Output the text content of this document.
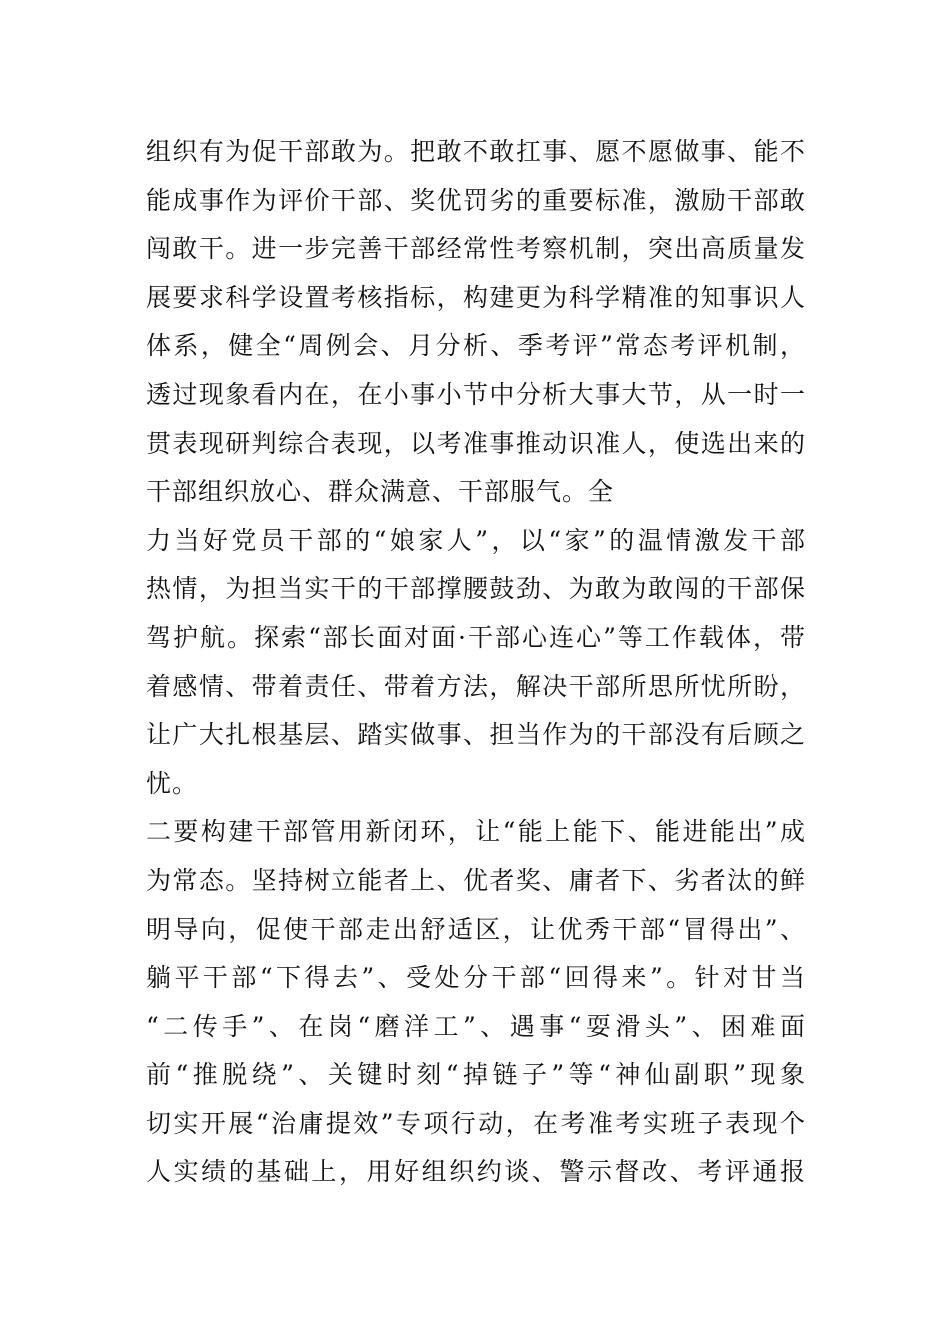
组织有为促干部敢为。把敢不敢扛事、愿不愿做事、能不
能成事作为评价干部、奖优罚劣的重要标准，激励干部敢
闯敢干。进一步完善干部经常性考察机制，突出高质量发
展要求科学设置考核指标，构建更为科学精准的知事识人
体系，健全“周例会、月分析、季考评”常态考评机制，
透过现象看内在，在小事小节中分析大事大节，从一时一
贯表现研判综合表现，以考准事推动识准人，使选出来的
干部组织放心、群众满意、干部服气。全
力当好党员干部的“娘家人”，以“家”的温情激发干部
热情，为担当实干的干部撑腰鼓劲、为敢为敢闯的干部保
驾护航。探索“部长面对面·干部心连心”等工作载体，带
着感情、带着责任、带着方法，解决干部所思所忧所盼，
让广大扎根基层、踏实做事、担当作为的干部没有后顾之
忧。
二要构建干部管用新闭环，让“能上能下、能进能出”成
为常态。坚持树立能者上、优者奖、庸者下、劣者汰的鲜
明导向，促使干部走出舒适区，让优秀干部“冒得出”、
躺平干部“下得去”、受处分干部“回得来”。针对甘当
“二传手”、在岗“磨洋工”、遇事“耍滑头”、困难面
前“推脱绕”、关键时刻“掉链子”等“神仙副职”现象
切实开展“治庸提效”专项行动，在考准考实班子表现个
人实绩的基础上，用好组织约谈、警示督改、考评通报
